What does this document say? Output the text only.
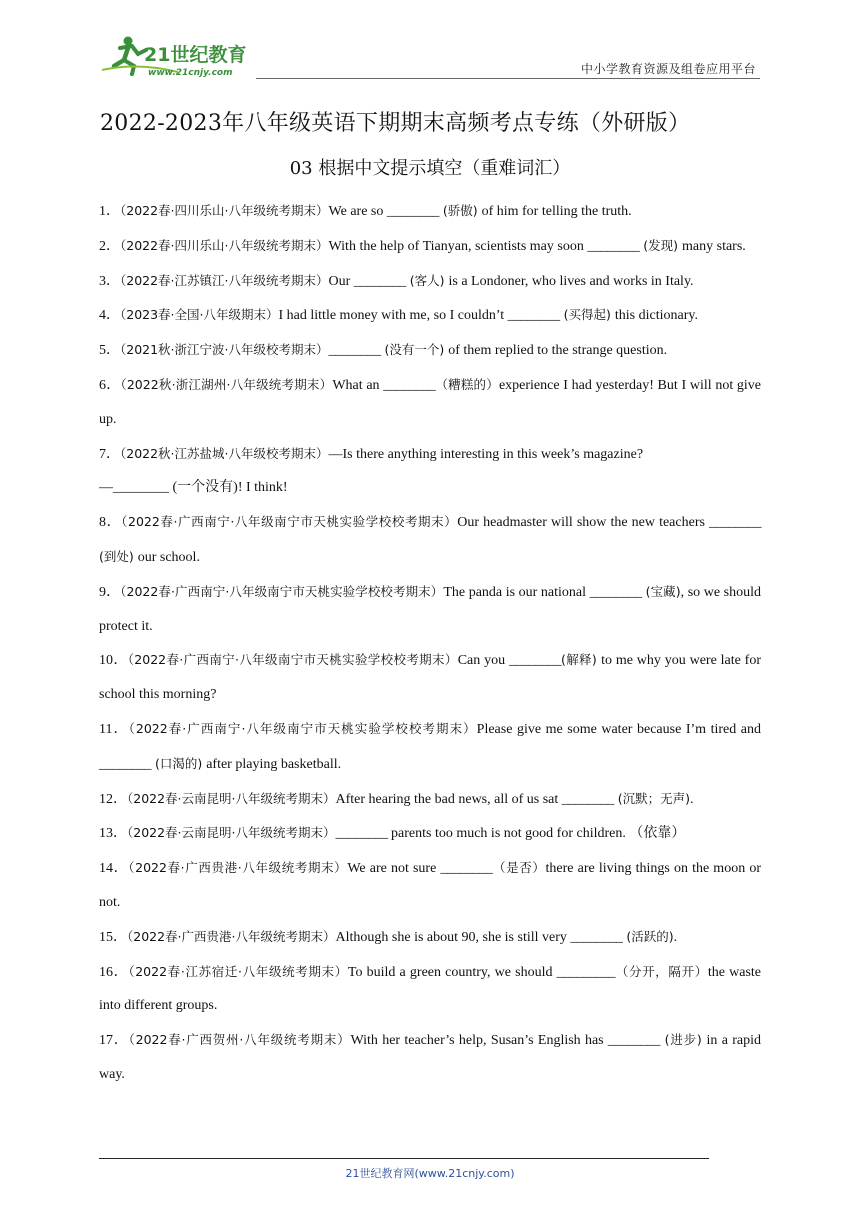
21世纪教育
www.21cnjy.com	中小学教育资源及组卷应用平台
2022-2023年八年级英语下期期末高频考点专练（外研版）
03 根据中文提示填空（重难词汇）

1．（2022春·四川乐山·八年级统考期末）We are so ________ (骄傲) of him for telling the truth.

2．（2022春·四川乐山·八年级统考期末）With the help of Tianyan, scientists may soon ________ (发现) many stars.

3．（2022春·江苏镇江·八年级统考期末）Our ________ (客人) is a Londoner, who lives and works in Italy.

4．（2023春·全国·八年级期末）I had little money with me, so I couldn’t ________ (买得起) this dictionary.

5．（2021秋·浙江宁波·八年级校考期末）________ (没有一个) of them replied to the strange question.

6．（2022秋·浙江湖州·八年级统考期末）What an ________（糟糕的）experience I had yesterday! But I will not give up.

7．（2022秋·江苏盐城·八年级校考期末）—Is there anything interesting in this week’s magazine?
—________ (一个没有)! I think!

8．（2022春·广西南宁·八年级南宁市天桃实验学校校考期末）Our headmaster will show the new teachers ________ (到处) our school.

9．（2022春·广西南宁·八年级南宁市天桃实验学校校考期末）The panda is our national ________ (宝藏), so we should protect it.

10．（2022春·广西南宁·八年级南宁市天桃实验学校校考期末）Can you ________(解释) to me why you were late for school this morning?

11．（2022春·广西南宁·八年级南宁市天桃实验学校校考期末）Please give me some water because I’m tired and ________ (口渴的) after playing basketball.

12．（2022春·云南昆明·八年级统考期末）After hearing the bad news, all of us sat ________ (沉默；无声).

13．（2022春·云南昆明·八年级统考期末）________ parents too much is not good for children. （依靠）

14．（2022春·广西贵港·八年级统考期末）We are not sure ________（是否）there are living things on the moon or not.

15．（2022春·广西贵港·八年级统考期末）Although she is about 90, she is still very ________ (活跃的).

16．（2022春·江苏宿迁·八年级统考期末）To build a green country, we should _________（分开，隔开）the waste into different groups.

17．（2022春·广西贺州·八年级统考期末）With her teacher’s help, Susan’s English has ________ (进步) in a rapid way.

21世纪教育网(www.21cnjy.com)
